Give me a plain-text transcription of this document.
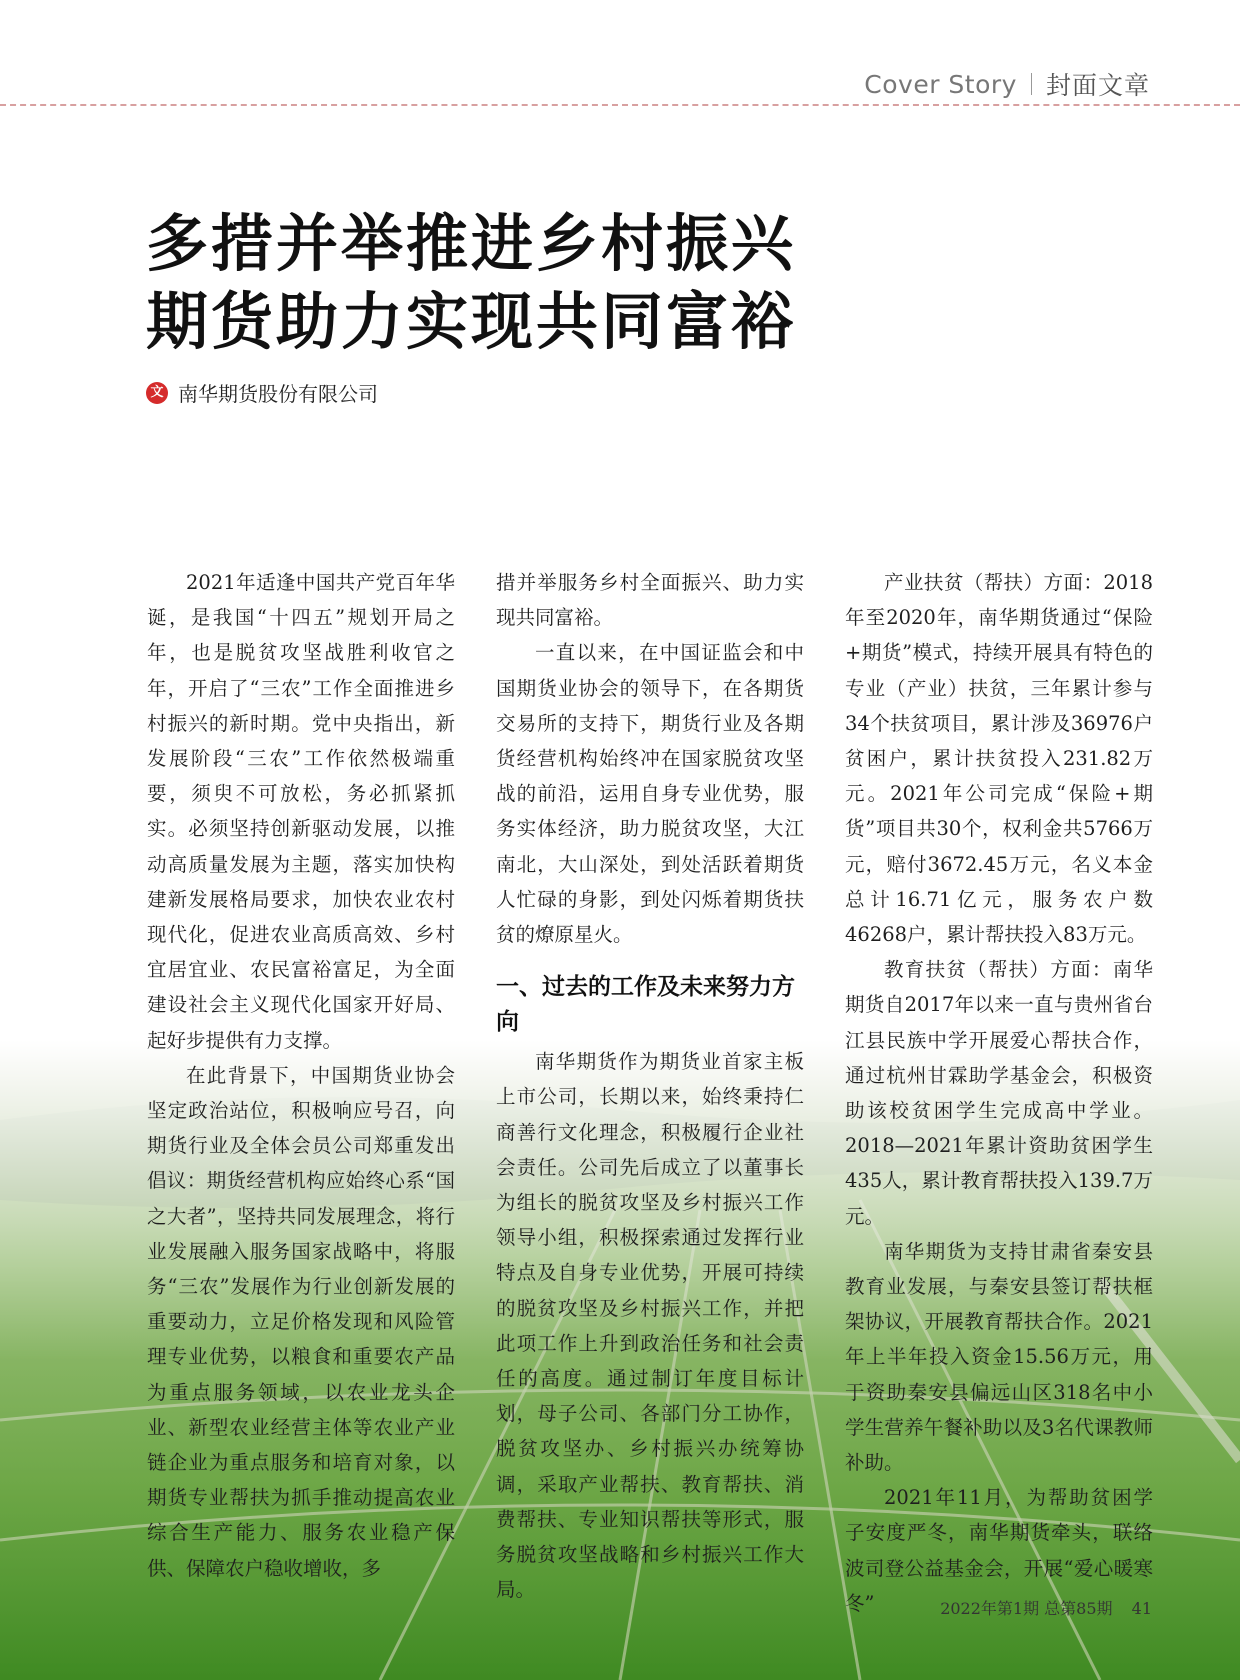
Cover Story 封面文章
多措并举推进乡村振兴
期货助力实现共同富裕
文 南华期货股份有限公司

2021年适逢中国共产党百年华诞，是我国“十四五”规划开局之年，也是脱贫攻坚战胜利收官之年，开启了“三农”工作全面推进乡村振兴的新时期。党中央指出，新发展阶段“三农”工作依然极端重要，须臾不可放松，务必抓紧抓实。必须坚持创新驱动发展，以推动高质量发展为主题，落实加快构建新发展格局要求，加快农业农村现代化，促进农业高质高效、乡村宜居宜业、农民富裕富足，为全面建设社会主义现代化国家开好局、起好步提供有力支撑。

在此背景下，中国期货业协会坚定政治站位，积极响应号召，向期货行业及全体会员公司郑重发出倡议：期货经营机构应始终心系“国之大者”，坚持共同发展理念，将行业发展融入服务国家战略中，将服务“三农”发展作为行业创新发展的重要动力，立足价格发现和风险管理专业优势，以粮食和重要农产品为重点服务领域，以农业龙头企业、新型农业经营主体等农业产业链企业为重点服务和培育对象，以期货专业帮扶为抓手推动提高农业综合生产能力、服务农业稳产保供、保障农户稳收增收，多

措并举服务乡村全面振兴、助力实现共同富裕。

一直以来，在中国证监会和中国期货业协会的领导下，在各期货交易所的支持下，期货行业及各期货经营机构始终冲在国家脱贫攻坚战的前沿，运用自身专业优势，服务实体经济，助力脱贫攻坚，大江南北，大山深处，到处活跃着期货人忙碌的身影，到处闪烁着期货扶贫的燎原星火。

一、过去的工作及未来努力方向

南华期货作为期货业首家主板上市公司，长期以来，始终秉持仁商善行文化理念，积极履行企业社会责任。公司先后成立了以董事长为组长的脱贫攻坚及乡村振兴工作领导小组，积极探索通过发挥行业特点及自身专业优势，开展可持续的脱贫攻坚及乡村振兴工作，并把此项工作上升到政治任务和社会责任的高度。通过制订年度目标计划，母子公司、各部门分工协作，脱贫攻坚办、乡村振兴办统筹协调，采取产业帮扶、教育帮扶、消费帮扶、专业知识帮扶等形式，服务脱贫攻坚战略和乡村振兴工作大局。

产业扶贫（帮扶）方面：2018年至2020年，南华期货通过“保险+期货”模式，持续开展具有特色的专业（产业）扶贫，三年累计参与34个扶贫项目，累计涉及36976户贫困户，累计扶贫投入231.82万元。2021年公司完成“保险+期货”项目共30个，权利金共5766万元，赔付3672.45万元，名义本金总计16.71亿元，服务农户数46268户，累计帮扶投入83万元。

教育扶贫（帮扶）方面：南华期货自2017年以来一直与贵州省台江县民族中学开展爱心帮扶合作，通过杭州甘霖助学基金会，积极资助该校贫困学生完成高中学业。2018—2021年累计资助贫困学生435人，累计教育帮扶投入139.7万元。

南华期货为支持甘肃省秦安县教育业发展，与秦安县签订帮扶框架协议，开展教育帮扶合作。2021年上半年投入资金15.56万元，用于资助秦安县偏远山区318名中小学生营养午餐补助以及3名代课教师补助。

2021年11月，为帮助贫困学子安度严冬，南华期货牵头，联络波司登公益基金会，开展“爱心暖寒冬”	2022年第1期 总第85期 41
